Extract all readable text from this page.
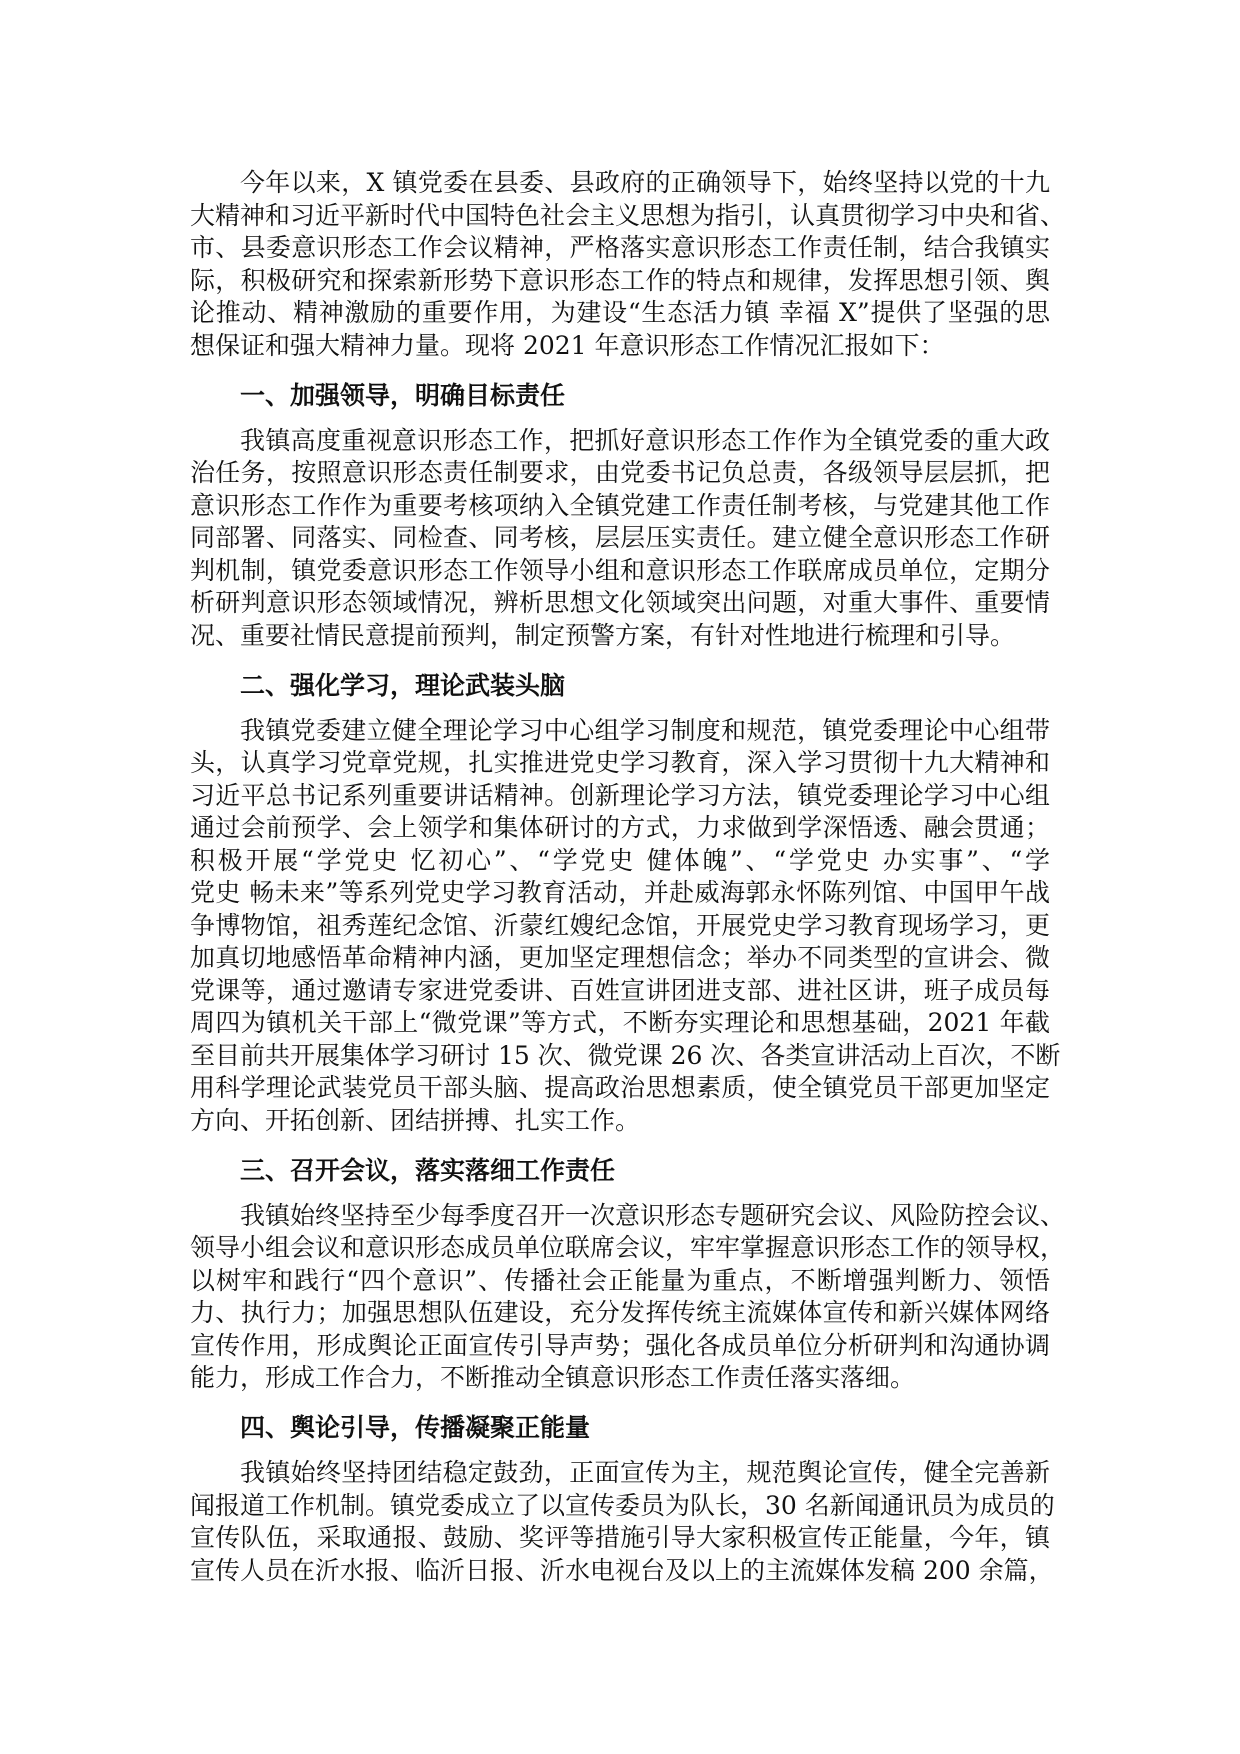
今年以来，X 镇党委在县委、县政府的正确领导下，始终坚持以党的十九
大精神和习近平新时代中国特色社会主义思想为指引，认真贯彻学习中央和省、
市、县委意识形态工作会议精神，严格落实意识形态工作责任制，结合我镇实
际，积极研究和探索新形势下意识形态工作的特点和规律，发挥思想引领、舆
论推动、精神激励的重要作用，为建设“生态活力镇 幸福 X”提供了坚强的思
想保证和强大精神力量。现将 2021 年意识形态工作情况汇报如下：
一、加强领导，明确目标责任
我镇高度重视意识形态工作，把抓好意识形态工作作为全镇党委的重大政
治任务，按照意识形态责任制要求，由党委书记负总责，各级领导层层抓，把
意识形态工作作为重要考核项纳入全镇党建工作责任制考核，与党建其他工作
同部署、同落实、同检查、同考核，层层压实责任。建立健全意识形态工作研
判机制，镇党委意识形态工作领导小组和意识形态工作联席成员单位，定期分
析研判意识形态领域情况，辨析思想文化领域突出问题，对重大事件、重要情
况、重要社情民意提前预判，制定预警方案，有针对性地进行梳理和引导。
二、强化学习，理论武装头脑
我镇党委建立健全理论学习中心组学习制度和规范，镇党委理论中心组带
头，认真学习党章党规，扎实推进党史学习教育，深入学习贯彻十九大精神和
习近平总书记系列重要讲话精神。创新理论学习方法，镇党委理论学习中心组
通过会前预学、会上领学和集体研讨的方式，力求做到学深悟透、融会贯通；
积极开展“学党史 忆初心”、“学党史 健体魄”、“学党史 办实事”、“学
党史 畅未来”等系列党史学习教育活动，并赴威海郭永怀陈列馆、中国甲午战
争博物馆，祖秀莲纪念馆、沂蒙红嫂纪念馆，开展党史学习教育现场学习，更
加真切地感悟革命精神内涵，更加坚定理想信念；举办不同类型的宣讲会、微
党课等，通过邀请专家进党委讲、百姓宣讲团进支部、进社区讲，班子成员每
周四为镇机关干部上“微党课”等方式，不断夯实理论和思想基础，2021 年截
至目前共开展集体学习研讨 15 次、微党课 26 次、各类宣讲活动上百次，不断
用科学理论武装党员干部头脑、提高政治思想素质，使全镇党员干部更加坚定
方向、开拓创新、团结拼搏、扎实工作。
三、召开会议，落实落细工作责任
我镇始终坚持至少每季度召开一次意识形态专题研究会议、风险防控会议、
领导小组会议和意识形态成员单位联席会议，牢牢掌握意识形态工作的领导权，
以树牢和践行“四个意识”、传播社会正能量为重点，不断增强判断力、领悟
力、执行力；加强思想队伍建设，充分发挥传统主流媒体宣传和新兴媒体网络
宣传作用，形成舆论正面宣传引导声势；强化各成员单位分析研判和沟通协调
能力，形成工作合力，不断推动全镇意识形态工作责任落实落细。
四、舆论引导，传播凝聚正能量
我镇始终坚持团结稳定鼓劲，正面宣传为主，规范舆论宣传，健全完善新
闻报道工作机制。镇党委成立了以宣传委员为队长，30 名新闻通讯员为成员的
宣传队伍，采取通报、鼓励、奖评等措施引导大家积极宣传正能量，今年，镇
宣传人员在沂水报、临沂日报、沂水电视台及以上的主流媒体发稿 200 余篇，
